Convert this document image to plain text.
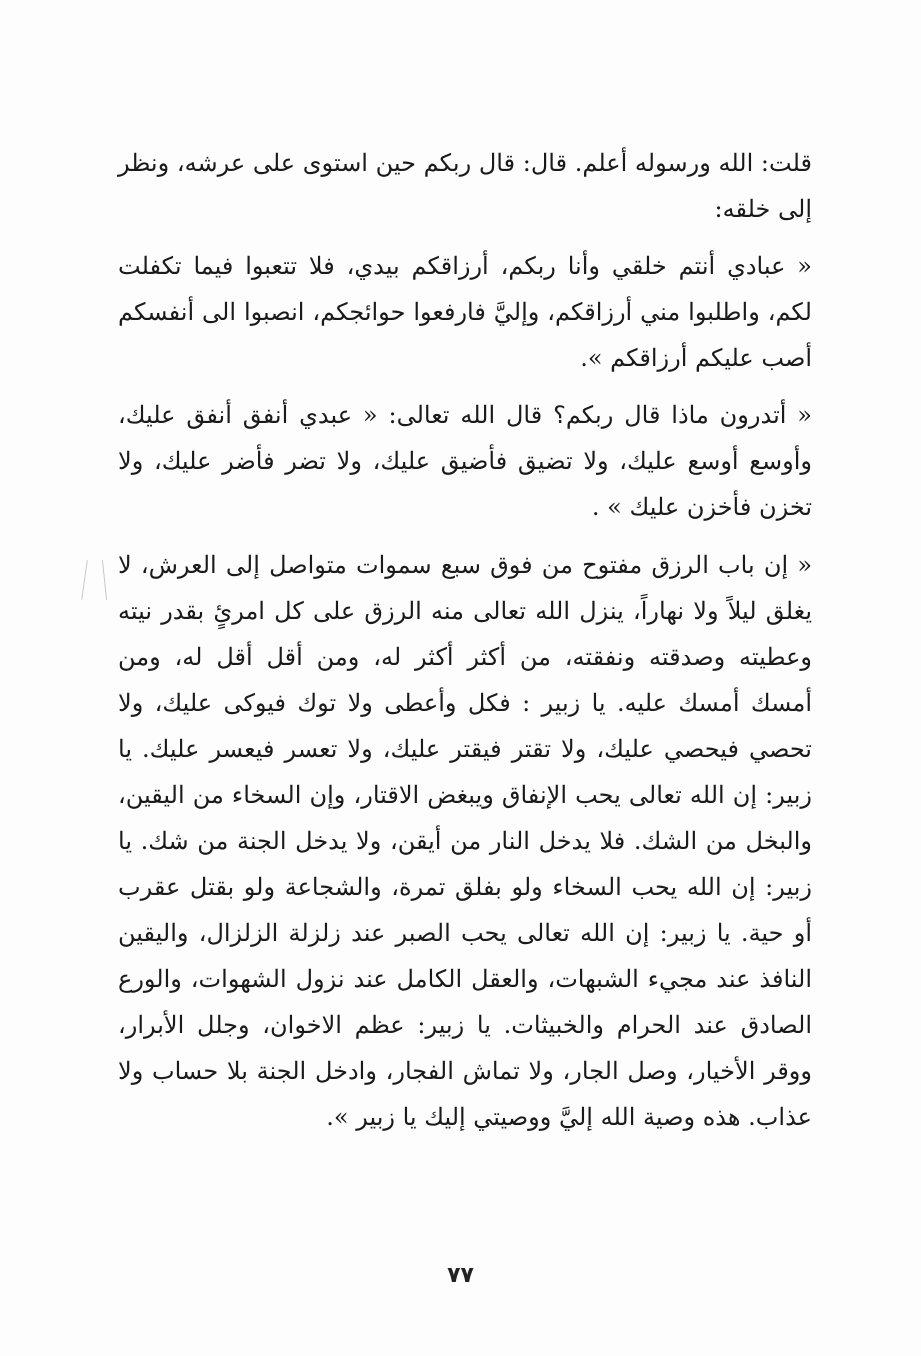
قلت: الله ورسوله أعلم. قال: قال ربكم حين استوى على عرشه، ونظر إلى خلقه:

« عبادي أنتم خلقي وأنا ربكم، أرزاقكم بيدي، فلا تتعبوا فيما تكفلت لكم، واطلبوا مني أرزاقكم، وإليَّ فارفعوا حوائجكم، انصبوا الى أنفسكم أصب عليكم أرزاقكم ».

« أتدرون ماذا قال ربكم؟ قال الله تعالى: « عبدي أنفق أنفق عليك، وأوسع أوسع عليك، ولا تضيق فأضيق عليك، ولا تضر فأضر عليك، ولا تخزن فأخزن عليك » .

« إن باب الرزق مفتوح من فوق سبع سموات متواصل إلى العرش، لا يغلق ليلاً ولا نهاراً، ينزل الله تعالى منه الرزق على كل امرئٍ بقدر نيته وعطيته وصدقته ونفقته، من أكثر أكثر له، ومن أقل أقل له، ومن أمسك أمسك عليه. يا زبير : فكل وأعطى ولا توك فيوكى عليك، ولا تحصي فيحصي عليك، ولا تقتر فيقتر عليك، ولا تعسر فيعسر عليك. يا زبير: إن الله تعالى يحب الإنفاق ويبغض الاقتار، وإن السخاء من اليقين، والبخل من الشك. فلا يدخل النار من أيقن، ولا يدخل الجنة من شك. يا زبير: إن الله يحب السخاء ولو بفلق تمرة، والشجاعة ولو بقتل عقرب أو حية. يا زبير: إن الله تعالى يحب الصبر عند زلزلة الزلزال، واليقين النافذ عند مجيء الشبهات، والعقل الكامل عند نزول الشهوات، والورع الصادق عند الحرام والخبيثات. يا زبير: عظم الاخوان، وجلل الأبرار، ووقر الأخيار، وصل الجار، ولا تماش الفجار، وادخل الجنة بلا حساب ولا عذاب. هذه وصية الله إليَّ ووصيتي إليك يا زبير ».

٧٧
